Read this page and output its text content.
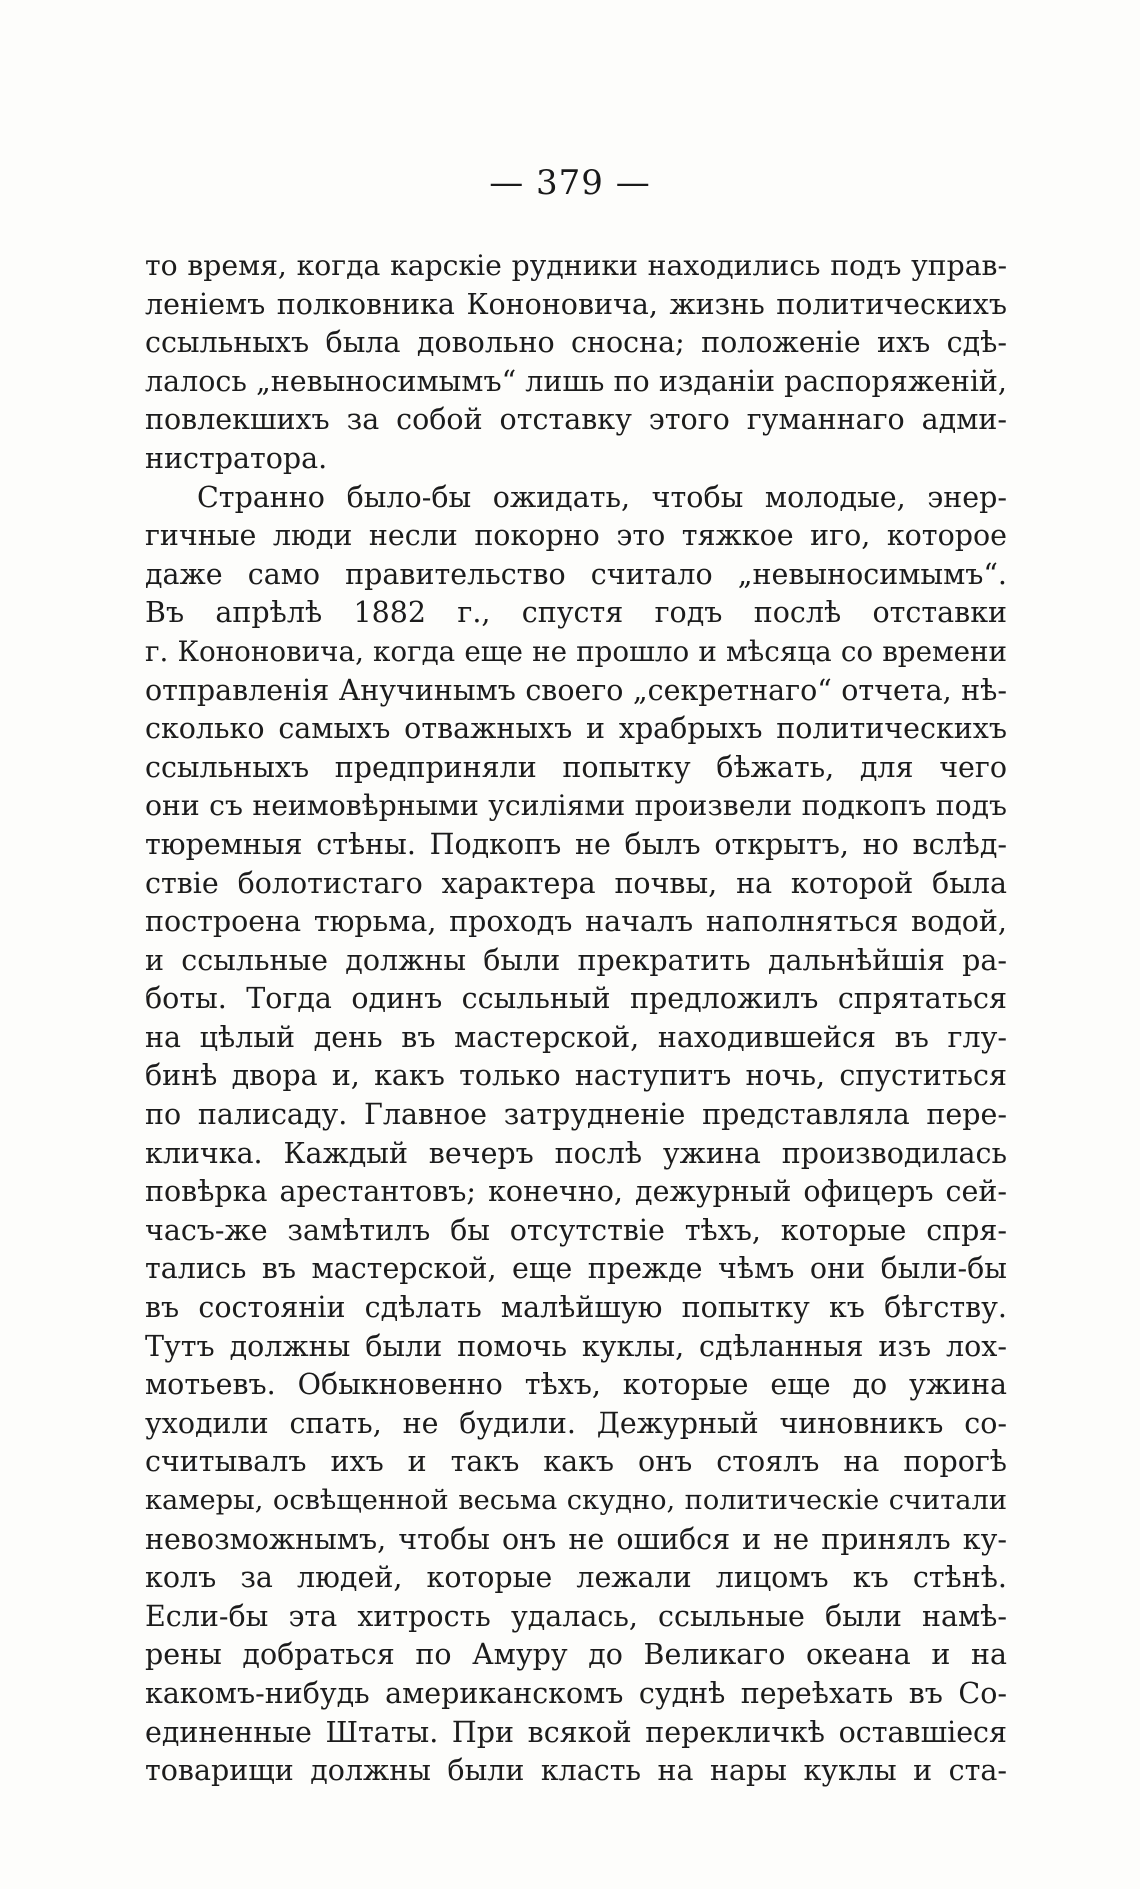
— 379 —
то время, когда карскіе рудники находились подъ управ-
леніемъ полковника Кононовича, жизнь политическихъ
ссыльныхъ была довольно сносна; положеніе ихъ сдѣ-
лалось „невыносимымъ“ лишь по изданіи распоряженій,
повлекшихъ за собой отставку этого гуманнаго адми-
нистратора.
Странно было-бы ожидать, чтобы молодые, энер-
гичные люди несли покорно это тяжкое иго, которое
даже само правительство считало „невыносимымъ“.
Въ апрѣлѣ 1882 г., спустя годъ послѣ отставки
г. Кононовича, когда еще не прошло и мѣсяца со времени
отправленія Анучинымъ своего „секретнаго“ отчета, нѣ-
сколько самыхъ отважныхъ и храбрыхъ политическихъ
ссыльныхъ предприняли попытку бѣжать, для чего
они съ неимовѣрными усиліями произвели подкопъ подъ
тюремныя стѣны. Подкопъ не былъ открытъ, но вслѣд-
ствіе болотистаго характера почвы, на которой была
построена тюрьма, проходъ началъ наполняться водой,
и ссыльные должны были прекратить дальнѣйшія ра-
боты. Тогда одинъ ссыльный предложилъ спрятаться
на цѣлый день въ мастерской, находившейся въ глу-
бинѣ двора и, какъ только наступитъ ночь, спуститься
по палисаду. Главное затрудненіе представляла пере-
кличка. Каждый вечеръ послѣ ужина производилась
повѣрка арестантовъ; конечно, дежурный офицеръ сей-
часъ-же замѣтилъ бы отсутствіе тѣхъ, которые спря-
тались въ мастерской, еще прежде чѣмъ они были-бы
въ состояніи сдѣлать малѣйшую попытку къ бѣгству.
Тутъ должны были помочь куклы, сдѣланныя изъ лох-
мотьевъ. Обыкновенно тѣхъ, которые еще до ужина
уходили спать, не будили. Дежурный чиновникъ со-
считывалъ ихъ и такъ какъ онъ стоялъ на порогѣ
камеры, освѣщенной весьма скудно, политическіе считали
невозможнымъ, чтобы онъ не ошибся и не принялъ ку-
колъ за людей, которые лежали лицомъ къ стѣнѣ.
Если-бы эта хитрость удалась, ссыльные были намѣ-
рены добраться по Амуру до Великаго океана и на
какомъ-нибудь американскомъ суднѣ переѣхать въ Со-
единенные Штаты. При всякой перекличкѣ оставшіеся
товарищи должны были класть на нары куклы и ста-
